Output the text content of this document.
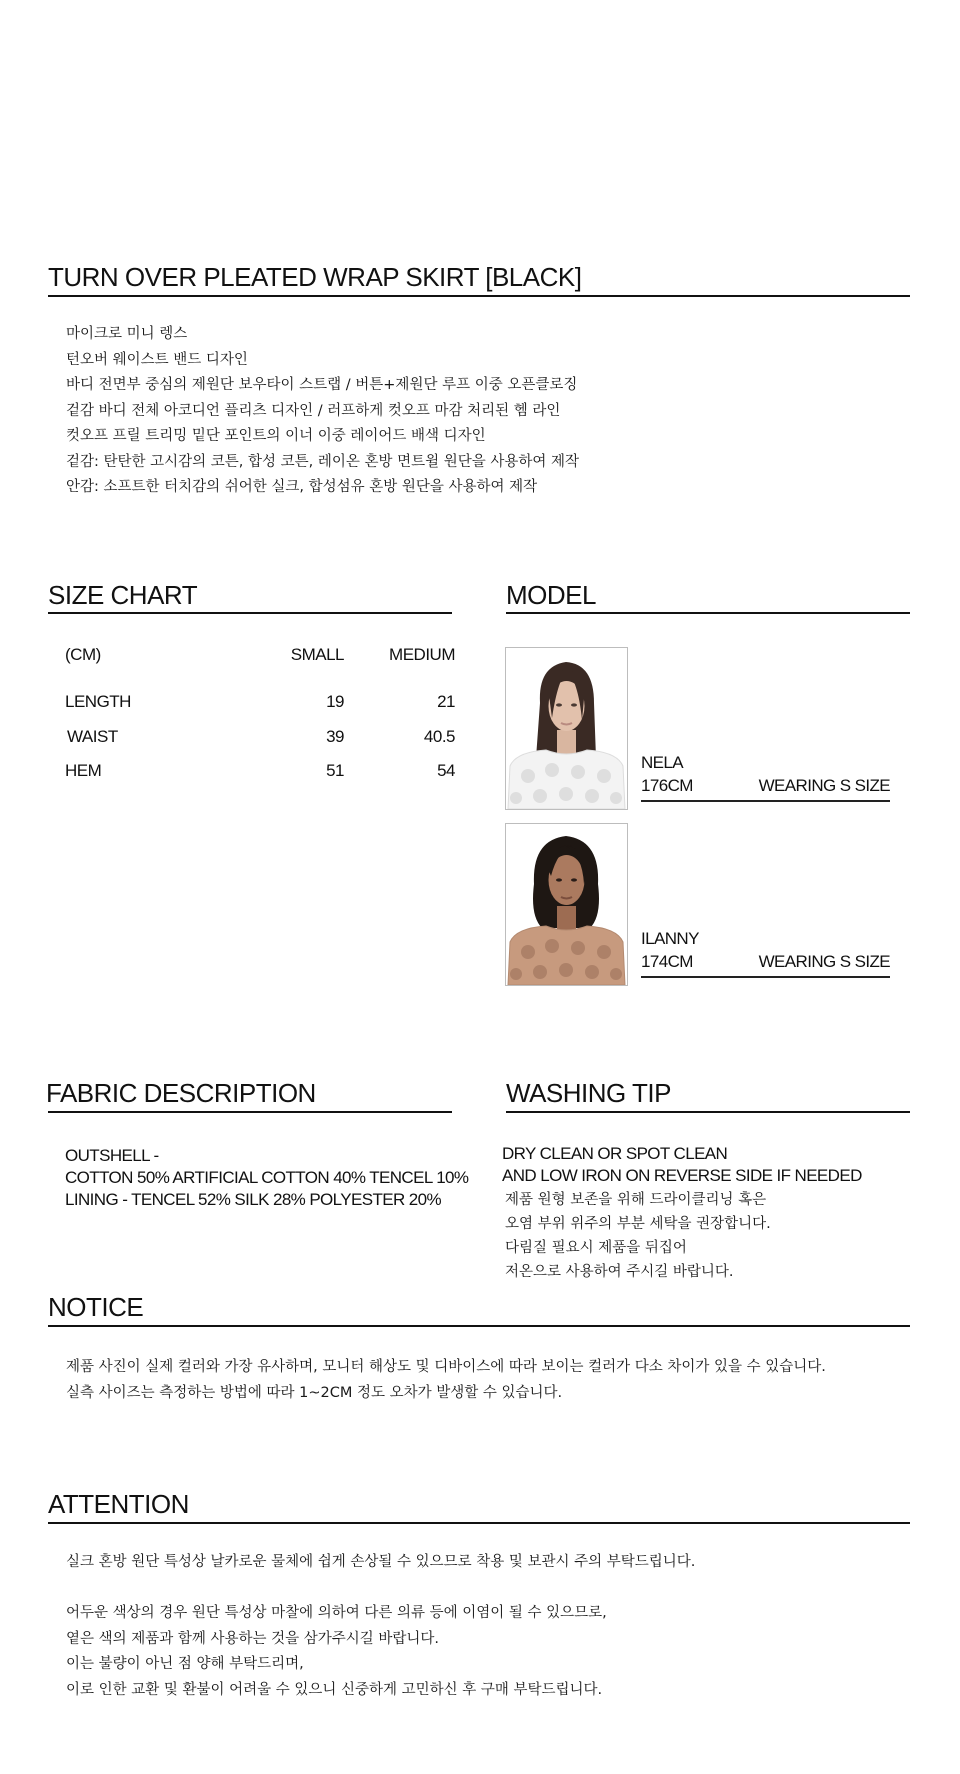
TURN OVER PLEATED WRAP SKIRT [BLACK]
마이크로 미니 렝스
턴오버 웨이스트 밴드 디자인
바디 전면부 중심의 제원단 보우타이 스트랩 / 버튼+제원단 루프 이중 오픈클로징
겉감 바디 전체 아코디언 플리츠 디자인 / 러프하게 컷오프 마감 처리된 헴 라인
컷오프 프릴 트리밍 밑단 포인트의 이너 이중 레이어드 배색 디자인
겉감: 탄탄한 고시감의 코튼, 합성 코튼, 레이온 혼방 면트윌 원단을 사용하여 제작
안감: 소프트한 터치감의 쉬어한 실크, 합성섬유 혼방 원단을 사용하여 제작
SIZE CHART
(CM)	SMALL	MEDIUM
LENGTH	19	21
WAIST	39	40.5
HEM	51	54
MODEL
NELA
176CM	WEARING S SIZE
ILANNY
174CM	WEARING S SIZE
FABRIC DESCRIPTION
OUTSHELL -
COTTON 50% ARTIFICIAL COTTON 40% TENCEL 10%
LINING - TENCEL 52% SILK 28% POLYESTER 20%
WASHING TIP
DRY CLEAN OR SPOT CLEAN
AND LOW IRON ON REVERSE SIDE IF NEEDED
제품 원형 보존을 위해 드라이클리닝 혹은
오염 부위 위주의 부분 세탁을 권장합니다.
다림질 필요시 제품을 뒤집어
저온으로 사용하여 주시길 바랍니다.
NOTICE
제품 사진이 실제 컬러와 가장 유사하며, 모니터 해상도 및 디바이스에 따라 보이는 컬러가 다소 차이가 있을 수 있습니다.
실측 사이즈는 측정하는 방법에 따라 1~2CM 정도 오차가 발생할 수 있습니다.
ATTENTION
실크 혼방 원단 특성상 날카로운 물체에 쉽게 손상될 수 있으므로 착용 및 보관시 주의 부탁드립니다.
어두운 색상의 경우 원단 특성상 마찰에 의하여 다른 의류 등에 이염이 될 수 있으므로,
옅은 색의 제품과 함께 사용하는 것을 삼가주시길 바랍니다.
이는 불량이 아닌 점 양해 부탁드리며,
이로 인한 교환 및 환불이 어려울 수 있으니 신중하게 고민하신 후 구매 부탁드립니다.
